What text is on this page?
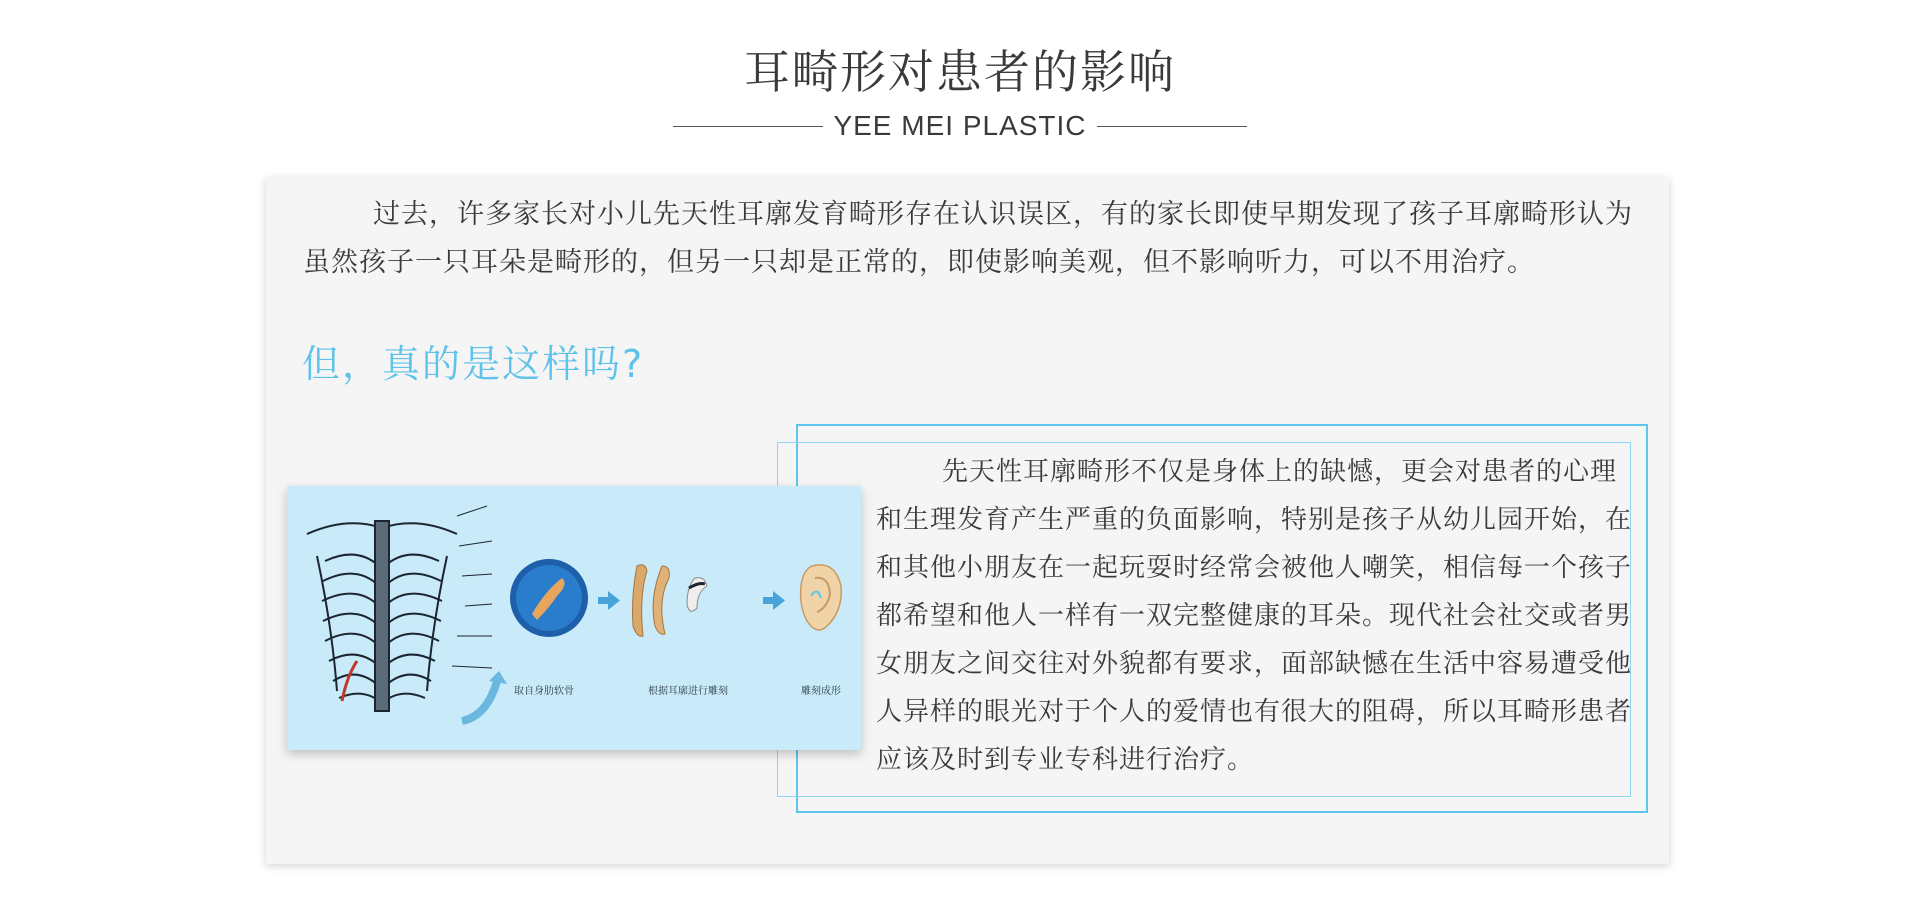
耳畸形对患者的影响
YEE MEI PLASTIC

过去，许多家长对小儿先天性耳廓发育畸形存在认识误区，有的家长即使早期发现了孩子耳廓畸形认为虽然孩子一只耳朵是畸形的，但另一只却是正常的，即使影响美观，但不影响听力，可以不用治疗。

但，真的是这样吗?

先天性耳廓畸形不仅是身体上的缺憾，更会对患者的心理和生理发育产生严重的负面影响，特别是孩子从幼儿园开始，在和其他小朋友在一起玩耍时经常会被他人嘲笑，相信每一个孩子都希望和他人一样有一双完整健康的耳朵。现代社会社交或者男女朋友之间交往对外貌都有要求，面部缺憾在生活中容易遭受他人异样的眼光对于个人的爱情也有很大的阻碍，所以耳畸形患者应该及时到专业专科进行治疗。

取自身肋软骨	根据耳廓进行雕刻	雕刻成形
